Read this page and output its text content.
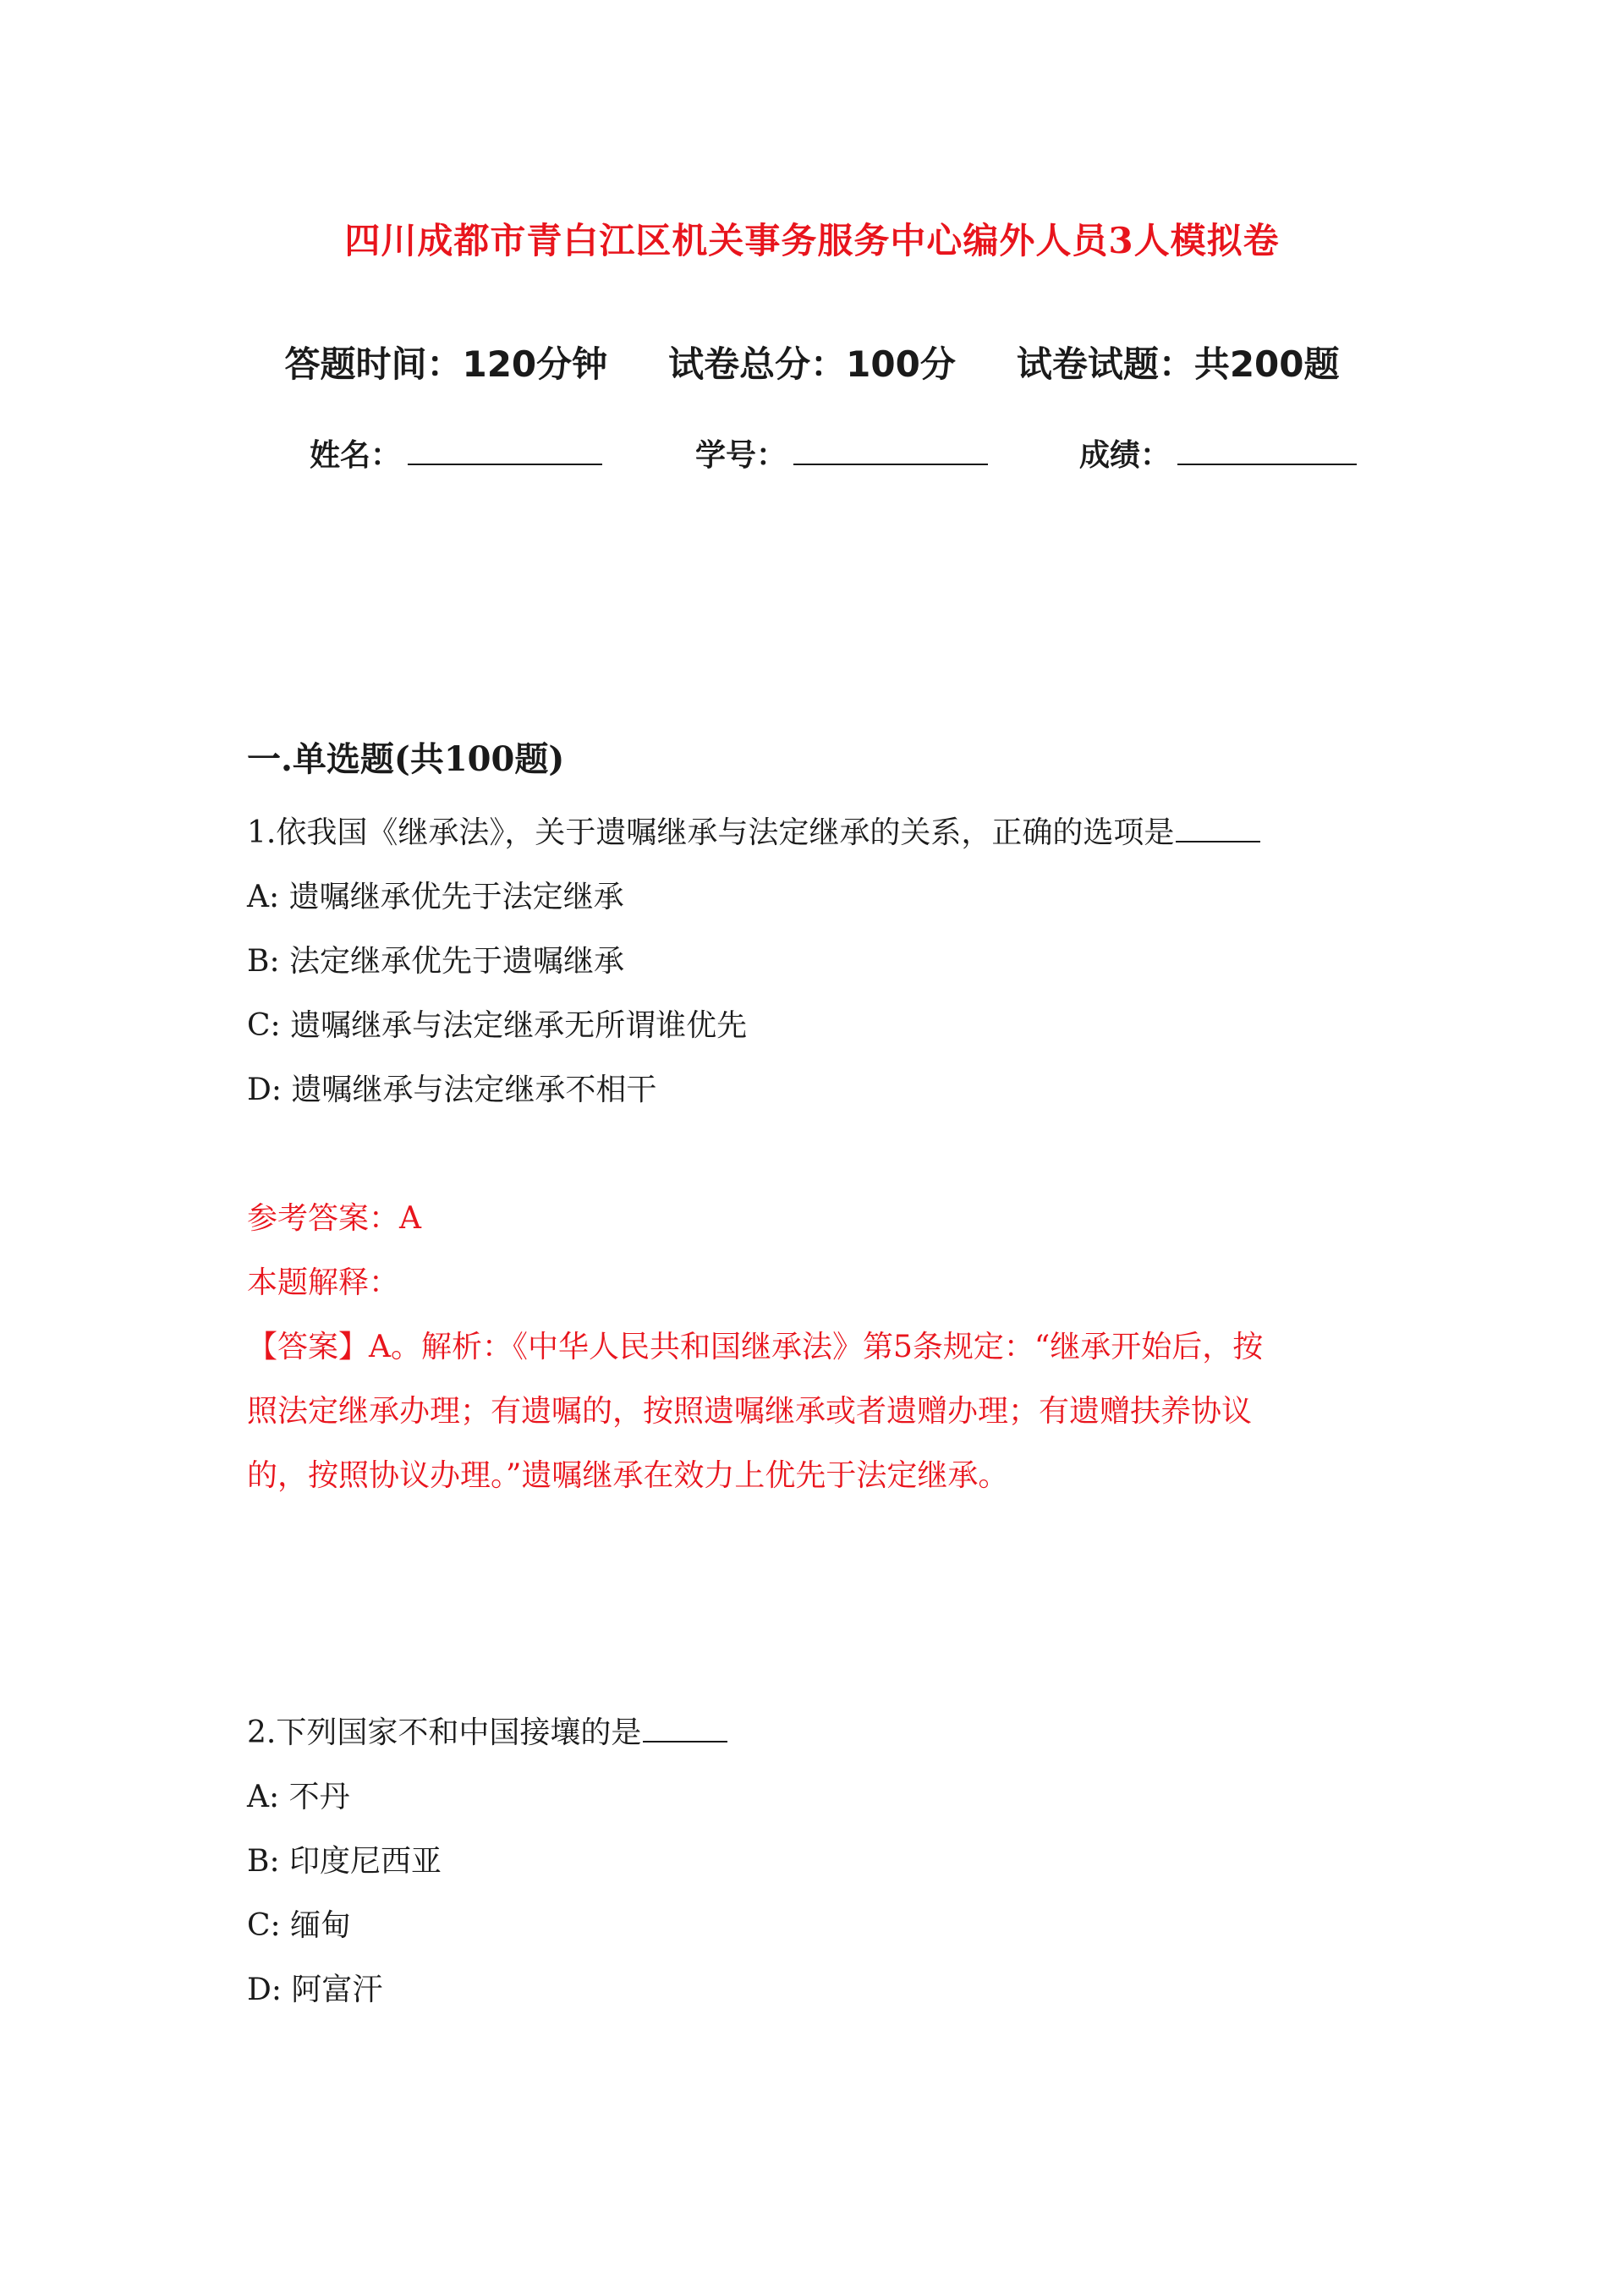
四川成都市青白江区机关事务服务中心编外人员3人模拟卷
答题时间：120分钟 试卷总分：100分 试卷试题：共200题
姓名：	学号：	成绩：
一.单选题(共100题)
1.依我国《继承法》，关于遗嘱继承与法定继承的关系，正确的选项是
A: 遗嘱继承优先于法定继承
B: 法定继承优先于遗嘱继承
C: 遗嘱继承与法定继承无所谓谁优先
D: 遗嘱继承与法定继承不相干
参考答案：A
本题解释：
【答案】A。解析：《中华人民共和国继承法》第5条规定：“继承开始后，按
照法定继承办理；有遗嘱的，按照遗嘱继承或者遗赠办理；有遗赠扶养协议
的，按照协议办理。”遗嘱继承在效力上优先于法定继承。
2.下列国家不和中国接壤的是
A: 不丹
B: 印度尼西亚
C: 缅甸
D: 阿富汗
